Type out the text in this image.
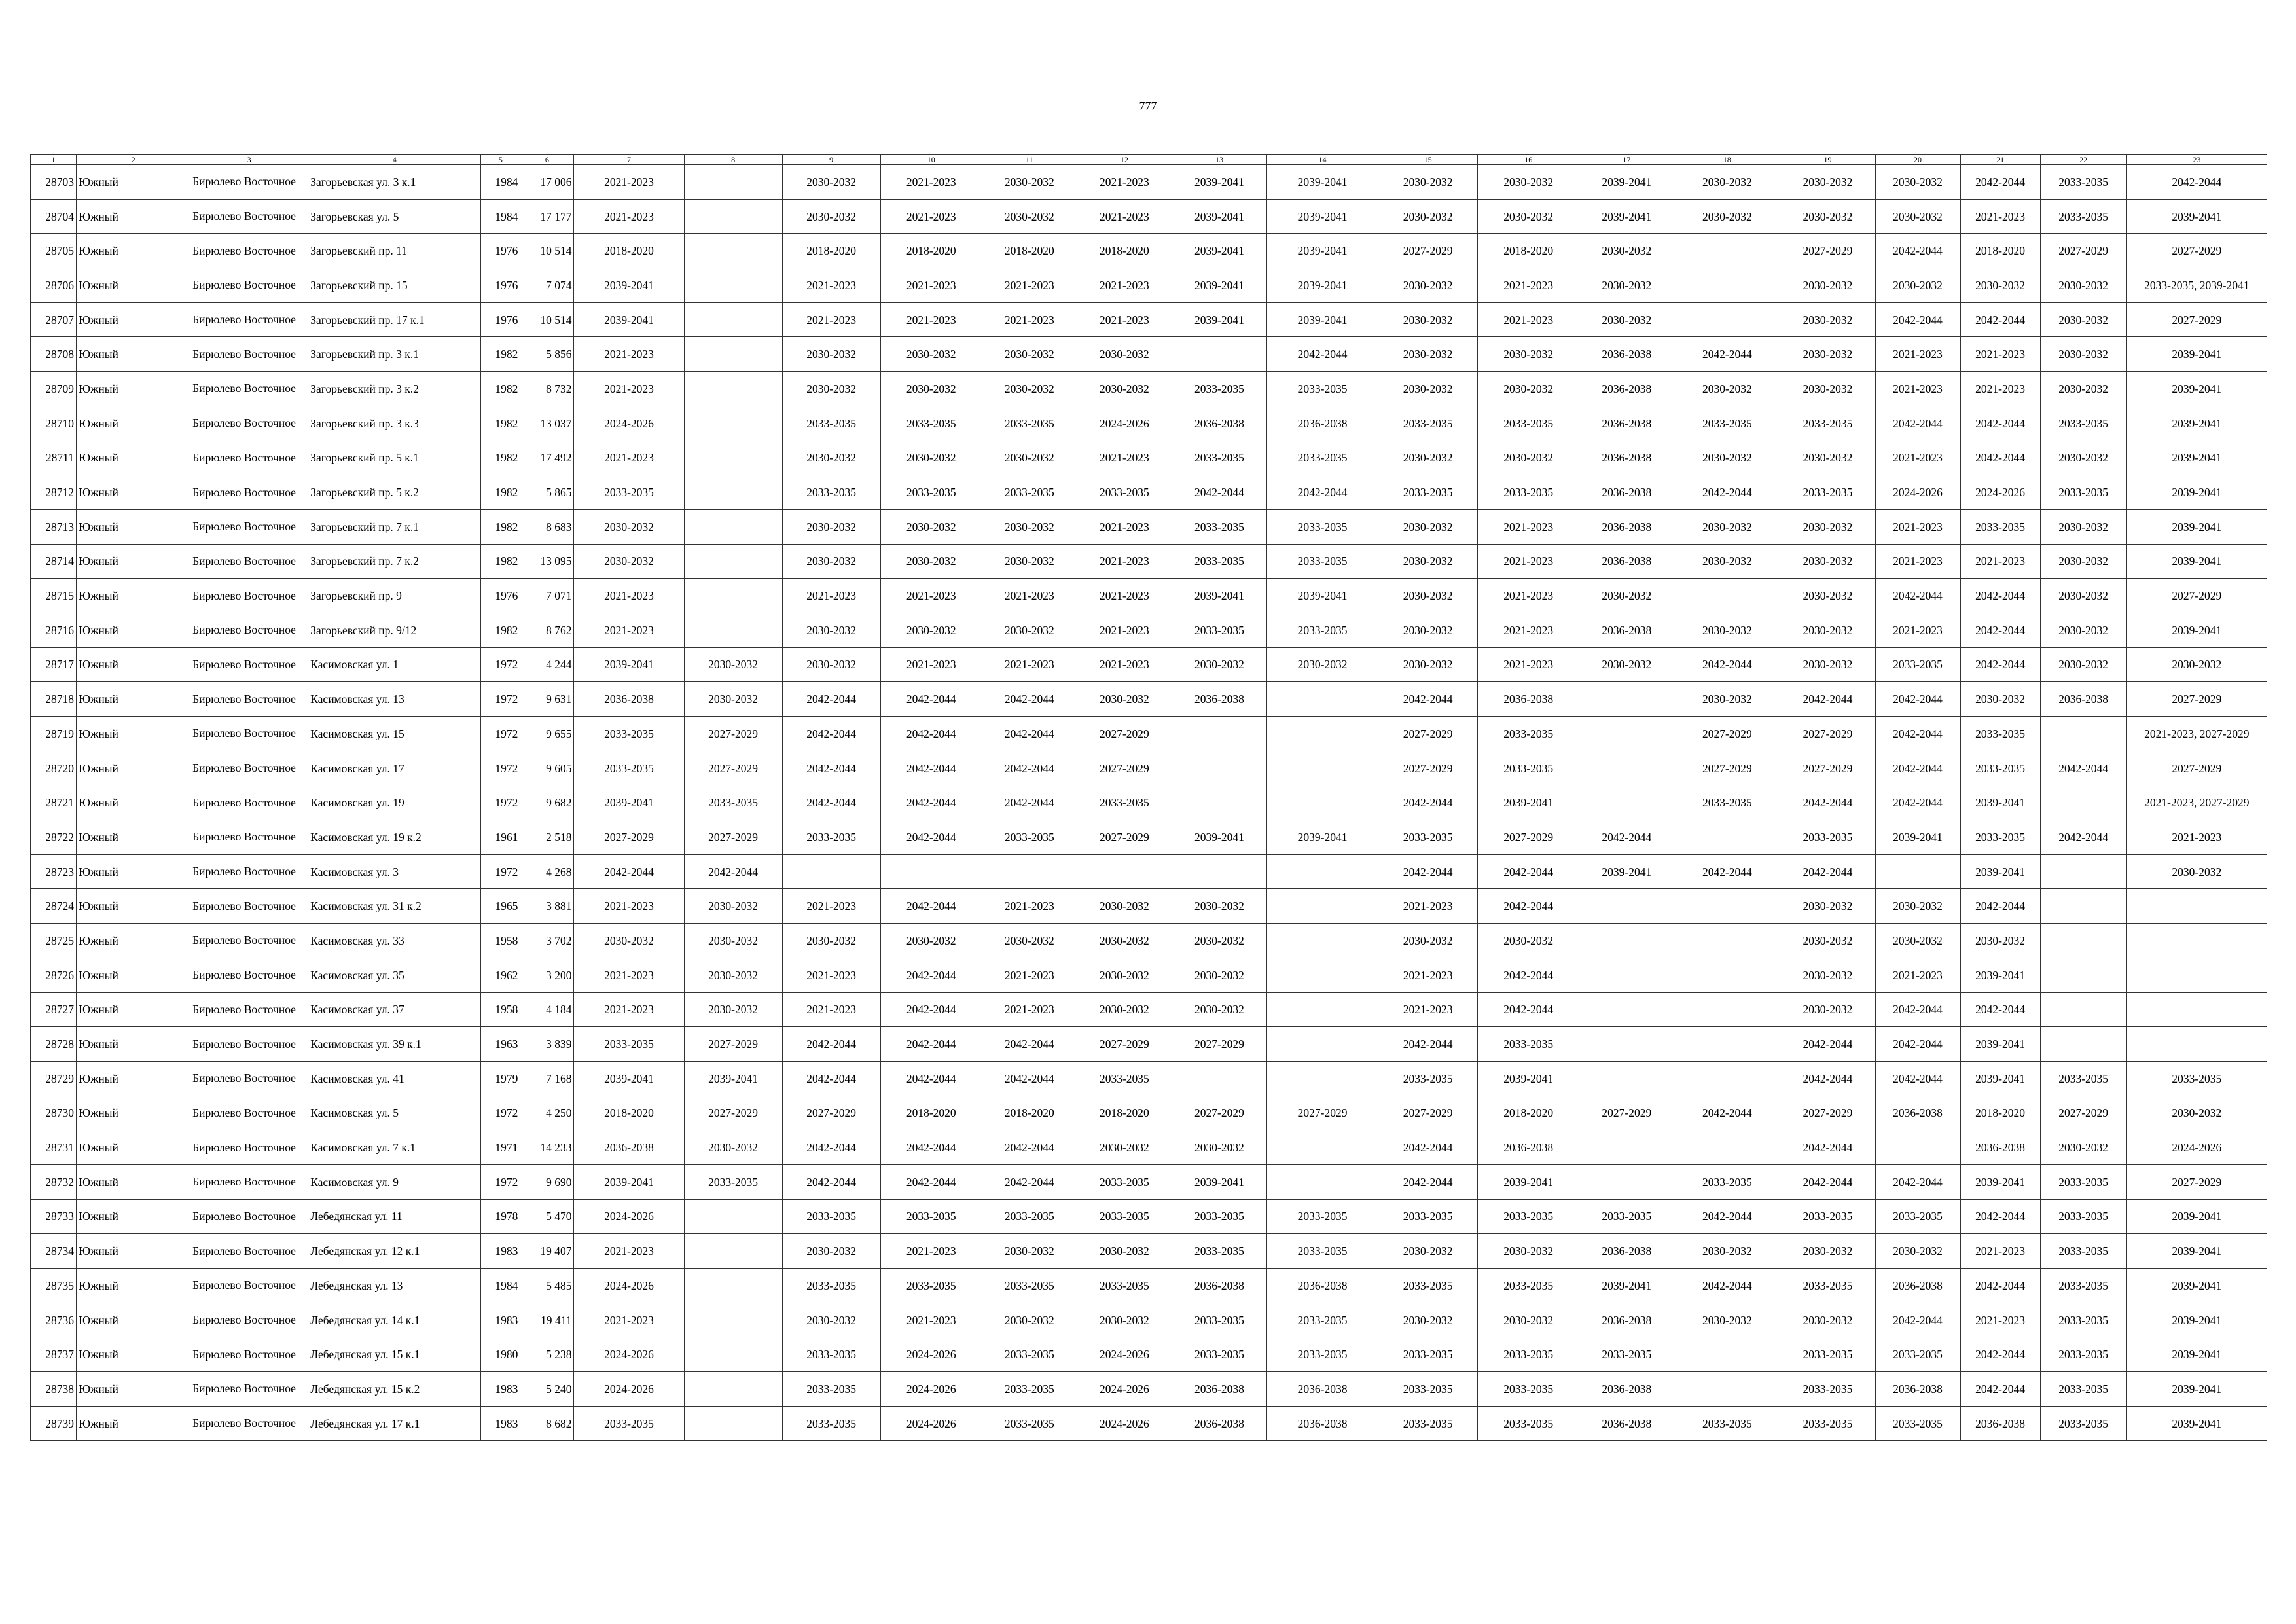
777
1	2	3	4	5	6	7	8	9	10	11	12	13	14	15	16	17	18	19	20	21	22	23
28703	Южный	Бирюлево Восточное	Загорьевская ул. 3 к.1	1984	17 006	2021-2023		2030-2032	2021-2023	2030-2032	2021-2023	2039-2041	2039-2041	2030-2032	2030-2032	2039-2041	2030-2032	2030-2032	2030-2032	2042-2044	2033-2035	2042-2044
28704	Южный	Бирюлево Восточное	Загорьевская ул. 5	1984	17 177	2021-2023		2030-2032	2021-2023	2030-2032	2021-2023	2039-2041	2039-2041	2030-2032	2030-2032	2039-2041	2030-2032	2030-2032	2030-2032	2021-2023	2033-2035	2039-2041
28705	Южный	Бирюлево Восточное	Загорьевский пр. 11	1976	10 514	2018-2020		2018-2020	2018-2020	2018-2020	2018-2020	2039-2041	2039-2041	2027-2029	2018-2020	2030-2032		2027-2029	2042-2044	2018-2020	2027-2029	2027-2029
28706	Южный	Бирюлево Восточное	Загорьевский пр. 15	1976	7 074	2039-2041		2021-2023	2021-2023	2021-2023	2021-2023	2039-2041	2039-2041	2030-2032	2021-2023	2030-2032		2030-2032	2030-2032	2030-2032	2030-2032	2033-2035, 2039-2041
28707	Южный	Бирюлево Восточное	Загорьевский пр. 17 к.1	1976	10 514	2039-2041		2021-2023	2021-2023	2021-2023	2021-2023	2039-2041	2039-2041	2030-2032	2021-2023	2030-2032		2030-2032	2042-2044	2042-2044	2030-2032	2027-2029
28708	Южный	Бирюлево Восточное	Загорьевский пр. 3 к.1	1982	5 856	2021-2023		2030-2032	2030-2032	2030-2032	2030-2032		2042-2044	2030-2032	2030-2032	2036-2038	2042-2044	2030-2032	2021-2023	2021-2023	2030-2032	2039-2041
28709	Южный	Бирюлево Восточное	Загорьевский пр. 3 к.2	1982	8 732	2021-2023		2030-2032	2030-2032	2030-2032	2030-2032	2033-2035	2033-2035	2030-2032	2030-2032	2036-2038	2030-2032	2030-2032	2021-2023	2021-2023	2030-2032	2039-2041
28710	Южный	Бирюлево Восточное	Загорьевский пр. 3 к.3	1982	13 037	2024-2026		2033-2035	2033-2035	2033-2035	2024-2026	2036-2038	2036-2038	2033-2035	2033-2035	2036-2038	2033-2035	2033-2035	2042-2044	2042-2044	2033-2035	2039-2041
28711	Южный	Бирюлево Восточное	Загорьевский пр. 5 к.1	1982	17 492	2021-2023		2030-2032	2030-2032	2030-2032	2021-2023	2033-2035	2033-2035	2030-2032	2030-2032	2036-2038	2030-2032	2030-2032	2021-2023	2042-2044	2030-2032	2039-2041
28712	Южный	Бирюлево Восточное	Загорьевский пр. 5 к.2	1982	5 865	2033-2035		2033-2035	2033-2035	2033-2035	2033-2035	2042-2044	2042-2044	2033-2035	2033-2035	2036-2038	2042-2044	2033-2035	2024-2026	2024-2026	2033-2035	2039-2041
28713	Южный	Бирюлево Восточное	Загорьевский пр. 7 к.1	1982	8 683	2030-2032		2030-2032	2030-2032	2030-2032	2021-2023	2033-2035	2033-2035	2030-2032	2021-2023	2036-2038	2030-2032	2030-2032	2021-2023	2033-2035	2030-2032	2039-2041
28714	Южный	Бирюлево Восточное	Загорьевский пр. 7 к.2	1982	13 095	2030-2032		2030-2032	2030-2032	2030-2032	2021-2023	2033-2035	2033-2035	2030-2032	2021-2023	2036-2038	2030-2032	2030-2032	2021-2023	2021-2023	2030-2032	2039-2041
28715	Южный	Бирюлево Восточное	Загорьевский пр. 9	1976	7 071	2021-2023		2021-2023	2021-2023	2021-2023	2021-2023	2039-2041	2039-2041	2030-2032	2021-2023	2030-2032		2030-2032	2042-2044	2042-2044	2030-2032	2027-2029
28716	Южный	Бирюлево Восточное	Загорьевский пр. 9/12	1982	8 762	2021-2023		2030-2032	2030-2032	2030-2032	2021-2023	2033-2035	2033-2035	2030-2032	2021-2023	2036-2038	2030-2032	2030-2032	2021-2023	2042-2044	2030-2032	2039-2041
28717	Южный	Бирюлево Восточное	Касимовская ул. 1	1972	4 244	2039-2041	2030-2032	2030-2032	2021-2023	2021-2023	2021-2023	2030-2032	2030-2032	2030-2032	2021-2023	2030-2032	2042-2044	2030-2032	2033-2035	2042-2044	2030-2032	2030-2032
28718	Южный	Бирюлево Восточное	Касимовская ул. 13	1972	9 631	2036-2038	2030-2032	2042-2044	2042-2044	2042-2044	2030-2032	2036-2038		2042-2044	2036-2038		2030-2032	2042-2044	2042-2044	2030-2032	2036-2038	2027-2029
28719	Южный	Бирюлево Восточное	Касимовская ул. 15	1972	9 655	2033-2035	2027-2029	2042-2044	2042-2044	2042-2044	2027-2029			2027-2029	2033-2035		2027-2029	2027-2029	2042-2044	2033-2035		2021-2023, 2027-2029
28720	Южный	Бирюлево Восточное	Касимовская ул. 17	1972	9 605	2033-2035	2027-2029	2042-2044	2042-2044	2042-2044	2027-2029			2027-2029	2033-2035		2027-2029	2027-2029	2042-2044	2033-2035	2042-2044	2027-2029
28721	Южный	Бирюлево Восточное	Касимовская ул. 19	1972	9 682	2039-2041	2033-2035	2042-2044	2042-2044	2042-2044	2033-2035			2042-2044	2039-2041		2033-2035	2042-2044	2042-2044	2039-2041		2021-2023, 2027-2029
28722	Южный	Бирюлево Восточное	Касимовская ул. 19 к.2	1961	2 518	2027-2029	2027-2029	2033-2035	2042-2044	2033-2035	2027-2029	2039-2041	2039-2041	2033-2035	2027-2029	2042-2044		2033-2035	2039-2041	2033-2035	2042-2044	2021-2023
28723	Южный	Бирюлево Восточное	Касимовская ул. 3	1972	4 268	2042-2044	2042-2044							2042-2044	2042-2044	2039-2041	2042-2044	2042-2044		2039-2041		2030-2032
28724	Южный	Бирюлево Восточное	Касимовская ул. 31 к.2	1965	3 881	2021-2023	2030-2032	2021-2023	2042-2044	2021-2023	2030-2032	2030-2032		2021-2023	2042-2044			2030-2032	2030-2032	2042-2044		
28725	Южный	Бирюлево Восточное	Касимовская ул. 33	1958	3 702	2030-2032	2030-2032	2030-2032	2030-2032	2030-2032	2030-2032	2030-2032		2030-2032	2030-2032			2030-2032	2030-2032	2030-2032		
28726	Южный	Бирюлево Восточное	Касимовская ул. 35	1962	3 200	2021-2023	2030-2032	2021-2023	2042-2044	2021-2023	2030-2032	2030-2032		2021-2023	2042-2044			2030-2032	2021-2023	2039-2041		
28727	Южный	Бирюлево Восточное	Касимовская ул. 37	1958	4 184	2021-2023	2030-2032	2021-2023	2042-2044	2021-2023	2030-2032	2030-2032		2021-2023	2042-2044			2030-2032	2042-2044	2042-2044		
28728	Южный	Бирюлево Восточное	Касимовская ул. 39 к.1	1963	3 839	2033-2035	2027-2029	2042-2044	2042-2044	2042-2044	2027-2029	2027-2029		2042-2044	2033-2035			2042-2044	2042-2044	2039-2041		
28729	Южный	Бирюлево Восточное	Касимовская ул. 41	1979	7 168	2039-2041	2039-2041	2042-2044	2042-2044	2042-2044	2033-2035			2033-2035	2039-2041			2042-2044	2042-2044	2039-2041	2033-2035	2033-2035
28730	Южный	Бирюлево Восточное	Касимовская ул. 5	1972	4 250	2018-2020	2027-2029	2027-2029	2018-2020	2018-2020	2018-2020	2027-2029	2027-2029	2027-2029	2018-2020	2027-2029	2042-2044	2027-2029	2036-2038	2018-2020	2027-2029	2030-2032
28731	Южный	Бирюлево Восточное	Касимовская ул. 7 к.1	1971	14 233	2036-2038	2030-2032	2042-2044	2042-2044	2042-2044	2030-2032	2030-2032		2042-2044	2036-2038			2042-2044		2036-2038	2030-2032	2024-2026
28732	Южный	Бирюлево Восточное	Касимовская ул. 9	1972	9 690	2039-2041	2033-2035	2042-2044	2042-2044	2042-2044	2033-2035	2039-2041		2042-2044	2039-2041		2033-2035	2042-2044	2042-2044	2039-2041	2033-2035	2027-2029
28733	Южный	Бирюлево Восточное	Лебедянская ул. 11	1978	5 470	2024-2026		2033-2035	2033-2035	2033-2035	2033-2035	2033-2035	2033-2035	2033-2035	2033-2035	2033-2035	2042-2044	2033-2035	2033-2035	2042-2044	2033-2035	2039-2041
28734	Южный	Бирюлево Восточное	Лебедянская ул. 12 к.1	1983	19 407	2021-2023		2030-2032	2021-2023	2030-2032	2030-2032	2033-2035	2033-2035	2030-2032	2030-2032	2036-2038	2030-2032	2030-2032	2030-2032	2021-2023	2033-2035	2039-2041
28735	Южный	Бирюлево Восточное	Лебедянская ул. 13	1984	5 485	2024-2026		2033-2035	2033-2035	2033-2035	2033-2035	2036-2038	2036-2038	2033-2035	2033-2035	2039-2041	2042-2044	2033-2035	2036-2038	2042-2044	2033-2035	2039-2041
28736	Южный	Бирюлево Восточное	Лебедянская ул. 14 к.1	1983	19 411	2021-2023		2030-2032	2021-2023	2030-2032	2030-2032	2033-2035	2033-2035	2030-2032	2030-2032	2036-2038	2030-2032	2030-2032	2042-2044	2021-2023	2033-2035	2039-2041
28737	Южный	Бирюлево Восточное	Лебедянская ул. 15 к.1	1980	5 238	2024-2026		2033-2035	2024-2026	2033-2035	2024-2026	2033-2035	2033-2035	2033-2035	2033-2035	2033-2035		2033-2035	2033-2035	2042-2044	2033-2035	2039-2041
28738	Южный	Бирюлево Восточное	Лебедянская ул. 15 к.2	1983	5 240	2024-2026		2033-2035	2024-2026	2033-2035	2024-2026	2036-2038	2036-2038	2033-2035	2033-2035	2036-2038		2033-2035	2036-2038	2042-2044	2033-2035	2039-2041
28739	Южный	Бирюлево Восточное	Лебедянская ул. 17 к.1	1983	8 682	2033-2035		2033-2035	2024-2026	2033-2035	2024-2026	2036-2038	2036-2038	2033-2035	2033-2035	2036-2038	2033-2035	2033-2035	2033-2035	2036-2038	2033-2035	2039-2041
